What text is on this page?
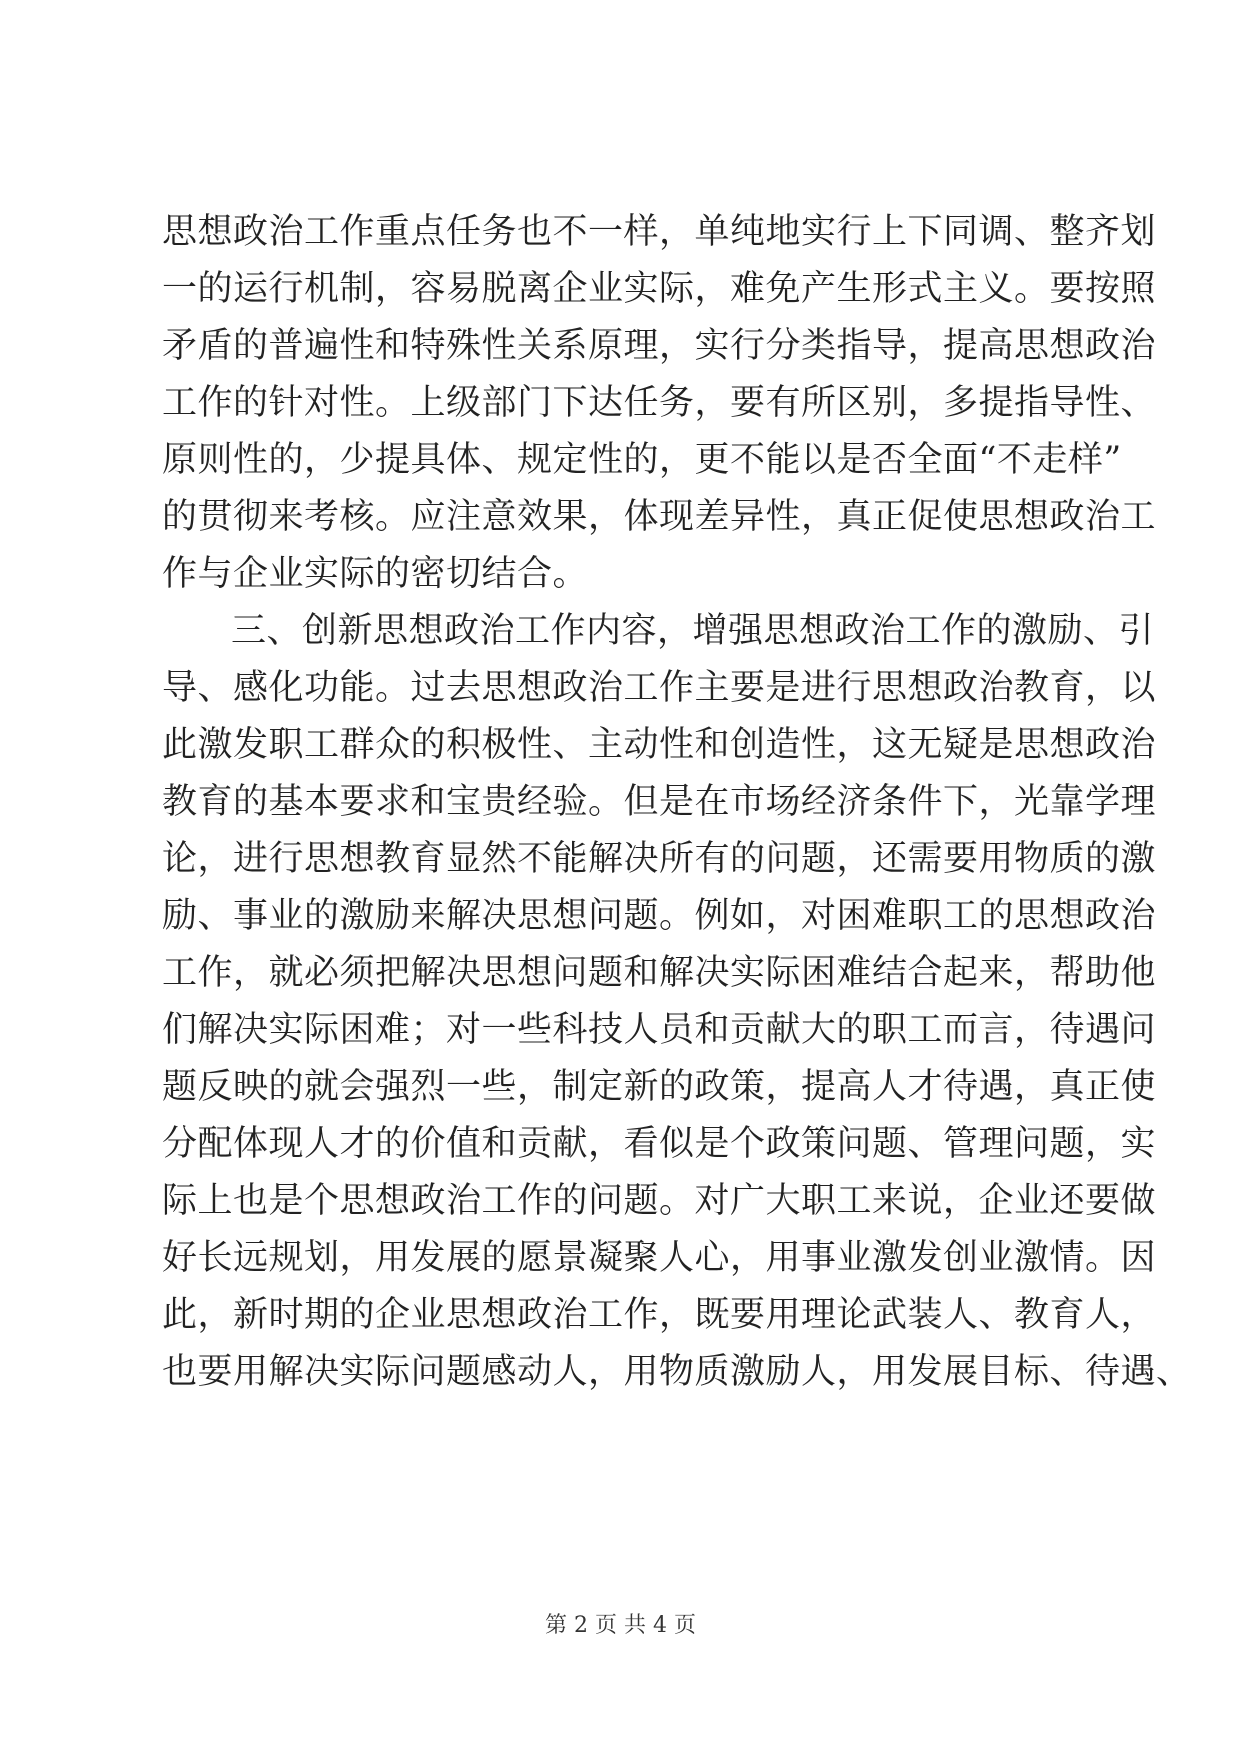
思想政治工作重点任务也不一样，单纯地实行上下同调、整齐划
一的运行机制，容易脱离企业实际，难免产生形式主义。要按照
矛盾的普遍性和特殊性关系原理，实行分类指导，提高思想政治
工作的针对性。上级部门下达任务，要有所区别，多提指导性、
原则性的，少提具体、规定性的，更不能以是否全面“不走样”
的贯彻来考核。应注意效果，体现差异性，真正促使思想政治工
作与企业实际的密切结合。
三、创新思想政治工作内容，增强思想政治工作的激励、引
导、感化功能。过去思想政治工作主要是进行思想政治教育，以
此激发职工群众的积极性、主动性和创造性，这无疑是思想政治
教育的基本要求和宝贵经验。但是在市场经济条件下，光靠学理
论，进行思想教育显然不能解决所有的问题，还需要用物质的激
励、事业的激励来解决思想问题。例如，对困难职工的思想政治
工作，就必须把解决思想问题和解决实际困难结合起来，帮助他
们解决实际困难；对一些科技人员和贡献大的职工而言，待遇问
题反映的就会强烈一些，制定新的政策，提高人才待遇，真正使
分配体现人才的价值和贡献，看似是个政策问题、管理问题，实
际上也是个思想政治工作的问题。对广大职工来说，企业还要做
好长远规划，用发展的愿景凝聚人心，用事业激发创业激情。因
此，新时期的企业思想政治工作，既要用理论武装人、教育人，
也要用解决实际问题感动人，用物质激励人，用发展目标、待遇、
第 2 页 共 4 页
